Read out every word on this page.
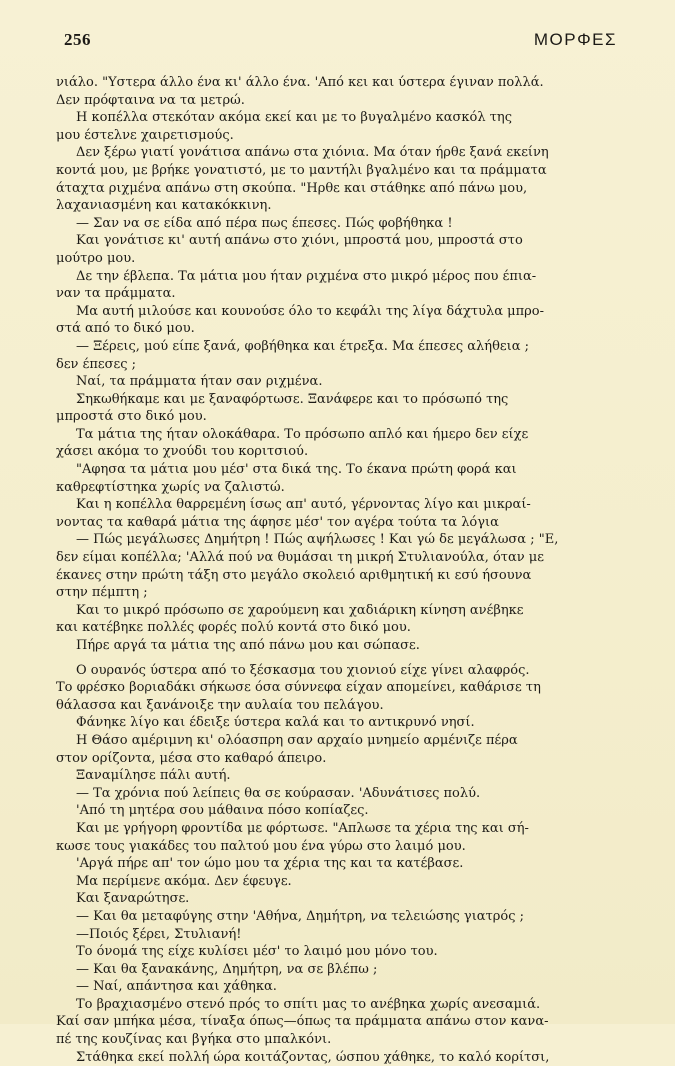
256	ΜΟΡΦΕΣ
νιάλο. "Υστερα άλλο ένα κι' άλλο ένα. 'Από κει και ύστερα έγιναν πολλά.
Δεν πρόφταινα να τα μετρώ.
Η κοπέλλα στεκόταν ακόμα εκεί και με το βυγαλμένο κασκόλ της
μου έστελνε χαιρετισμούς.
Δεν ξέρω γιατί γονάτισα απάνω στα χιόνια. Μα όταν ήρθε ξανά εκείνη
κοντά μου, με βρήκε γονατιστό, με το μαντήλι βγαλμένο και τα πράμματα
άταχτα ριχμένα απάνω στη σκούπα. "Ηρθε και στάθηκε από πάνω μου,
λαχανιασμένη και κατακόκκινη.
— Σαν να σε είδα από πέρα πως έπεσες. Πώς φοβήθηκα !
Και γονάτισε κι' αυτή απάνω στο χιόνι, μπροστά μου, μπροστά στο
μούτρο μου.
Δε την έβλεπα. Τα μάτια μου ήταν ριχμένα στο μικρό μέρος που έπια-
ναν τα πράμματα.
Μα αυτή μιλούσε και κουνούσε όλο το κεφάλι της λίγα δάχτυλα μπρο-
στά από το δικό μου.
— Ξέρεις, μού είπε ξανά, φοβήθηκα και έτρεξα. Μα έπεσες αλήθεια ;
δεν έπεσες ;
Ναί, τα πράμματα ήταν σαν ριχμένα.
Σηκωθήκαμε και με ξαναφόρτωσε. Ξανάφερε και το πρόσωπό της
μπροστά στο δικό μου.
Τα μάτια της ήταν ολοκάθαρα. Το πρόσωπο απλό και ήμερο δεν είχε
χάσει ακόμα το χνούδι του κοριτσιού.
"Αφησα τα μάτια μου μέσ' στα δικά της. Το έκανα πρώτη φορά και
καθρεφτίστηκα χωρίς να ζαλιστώ.
Και η κοπέλλα θαρρεμένη ίσως απ' αυτό, γέρνοντας λίγο και μικραί-
νοντας τα καθαρά μάτια της άφησε μέσ' τον αγέρα τούτα τα λόγια
— Πώς μεγάλωσες Δημήτρη ! Πώς αψήλωσες ! Και γώ δε μεγάλωσα ; "Ε,
δεν είμαι κοπέλλα; 'Αλλά πού να θυμάσαι τη μικρή Στυλιανούλα, όταν με
έκανες στην πρώτη τάξη στο μεγάλο σκολειό αριθμητική κι εσύ ήσουνα
στην πέμπτη ;
Και το μικρό πρόσωπο σε χαρούμενη και χαδιάρικη κίνηση ανέβηκε
και κατέβηκε πολλές φορές πολύ κοντά στο δικό μου.
Πήρε αργά τα μάτια της από πάνω μου και σώπασε.
Ο ουρανός ύστερα από το ξέσκασμα του χιονιού είχε γίνει αλαφρός.
Το φρέσκο βοριαδάκι σήκωσε όσα σύννεφα είχαν απομείνει, καθάρισε τη
θάλασσα και ξανάνοιξε την αυλαία του πελάγου.
Φάνηκε λίγο και έδειξε ύστερα καλά και το αντικρυνό νησί.
Η Θάσο αμέριμνη κι' ολόασπρη σαν αρχαίο μνημείο αρμένιζε πέρα
στον ορίζοντα, μέσα στο καθαρό άπειρο.
Ξαναμίλησε πάλι αυτή.
— Τα χρόνια πού λείπεις θα σε κούρασαν. 'Αδυνάτισες πολύ.
'Από τη μητέρα σου μάθαινα πόσο κοπίαζες.
Και με γρήγορη φροντίδα με φόρτωσε. "Απλωσε τα χέρια της και σή-
κωσε τους γιακάδες του παλτού μου ένα γύρω στο λαιμό μου.
'Αργά πήρε απ' τον ώμο μου τα χέρια της και τα κατέβασε.
Μα περίμενε ακόμα. Δεν έφευγε.
Και ξαναρώτησε.
— Και θα μεταφύγης στην 'Αθήνα, Δημήτρη, να τελειώσης γιατρός ;
—Ποιός ξέρει, Στυλιανή!
Το όνομά της είχε κυλίσει μέσ' το λαιμό μου μόνο του.
— Και θα ξανακάνης, Δημήτρη, να σε βλέπω ;
— Ναί, απάντησα και χάθηκα.
Το βραχιασμένο στενό πρός το σπίτι μας το ανέβηκα χωρίς ανεσαμιά.
Καί σαν μπήκα μέσα, τίναξα όπως—όπως τα πράμματα απάνω στον κανα-
πέ της κουζίνας και βγήκα στο μπαλκόνι.
Στάθηκα εκεί πολλή ώρα κοιτάζοντας, ώσπου χάθηκε, το καλό κορίτσι,
